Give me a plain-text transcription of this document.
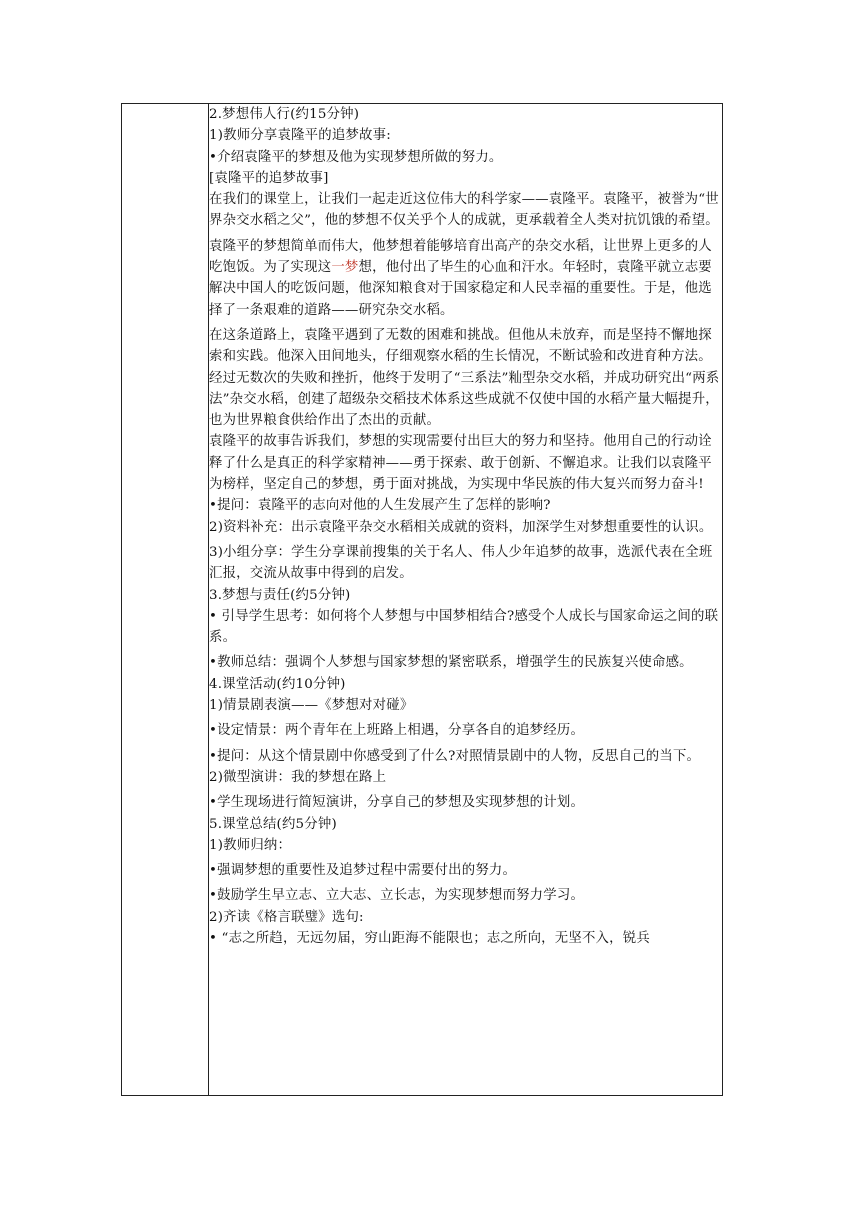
2.梦想伟人行(约15分钟)

1)教师分享袁隆平的追梦故事:

•介绍袁隆平的梦想及他为实现梦想所做的努力。

[袁隆平的追梦故事]

在我们的课堂上，让我们一起走近这位伟大的科学家——袁隆平。袁隆平，被誉为“世界杂交水稻之父”，他的梦想不仅关乎个人的成就，更承载着全人类对抗饥饿的希望。

袁隆平的梦想简单而伟大，他梦想着能够培育出高产的杂交水稻，让世界上更多的人吃饱饭。为了实现这一梦想，他付出了毕生的心血和汗水。年轻时，袁隆平就立志要解决中国人的吃饭问题，他深知粮食对于国家稳定和人民幸福的重要性。于是，他选择了一条艰难的道路——研究杂交水稻。

在这条道路上，袁隆平遇到了无数的困难和挑战。但他从未放弃，而是坚持不懈地探索和实践。他深入田间地头，仔细观察水稻的生长情况，不断试验和改进育种方法。经过无数次的失败和挫折，他终于发明了“三系法”籼型杂交水稻，并成功研究出“两系法”杂交水稻，创建了超级杂交稻技术体系这些成就不仅使中国的水稻产量大幅提升，也为世界粮食供给作出了杰出的贡献。

袁隆平的故事告诉我们，梦想的实现需要付出巨大的努力和坚持。他用自己的行动诠释了什么是真正的科学家精神——勇于探索、敢于创新、不懈追求。让我们以袁隆平为榜样，坚定自己的梦想，勇于面对挑战，为实现中华民族的伟大复兴而努力奋斗!

•提问：袁隆平的志向对他的人生发展产生了怎样的影响?

2)资料补充：出示袁隆平杂交水稻相关成就的资料，加深学生对梦想重要性的认识。

3)小组分享：学生分享课前搜集的关于名人、伟人少年追梦的故事，选派代表在全班汇报，交流从故事中得到的启发。

3.梦想与责任(约5分钟)

• 引导学生思考：如何将个人梦想与中国梦相结合?感受个人成长与国家命运之间的联系。

•教师总结：强调个人梦想与国家梦想的紧密联系，增强学生的民族复兴使命感。

4.课堂活动(约10分钟)

1)情景剧表演——《梦想对对碰》

•设定情景：两个青年在上班路上相遇，分享各自的追梦经历。

•提问：从这个情景剧中你感受到了什么?对照情景剧中的人物，反思自己的当下。

2)微型演讲：我的梦想在路上

•学生现场进行简短演讲，分享自己的梦想及实现梦想的计划。

5.课堂总结(约5分钟)

1)教师归纳：

•强调梦想的重要性及追梦过程中需要付出的努力。

•鼓励学生早立志、立大志、立长志，为实现梦想而努力学习。

2)齐读《格言联璧》选句:

• “志之所趋，无远勿届，穷山距海不能限也；志之所向，无坚不入，锐兵
